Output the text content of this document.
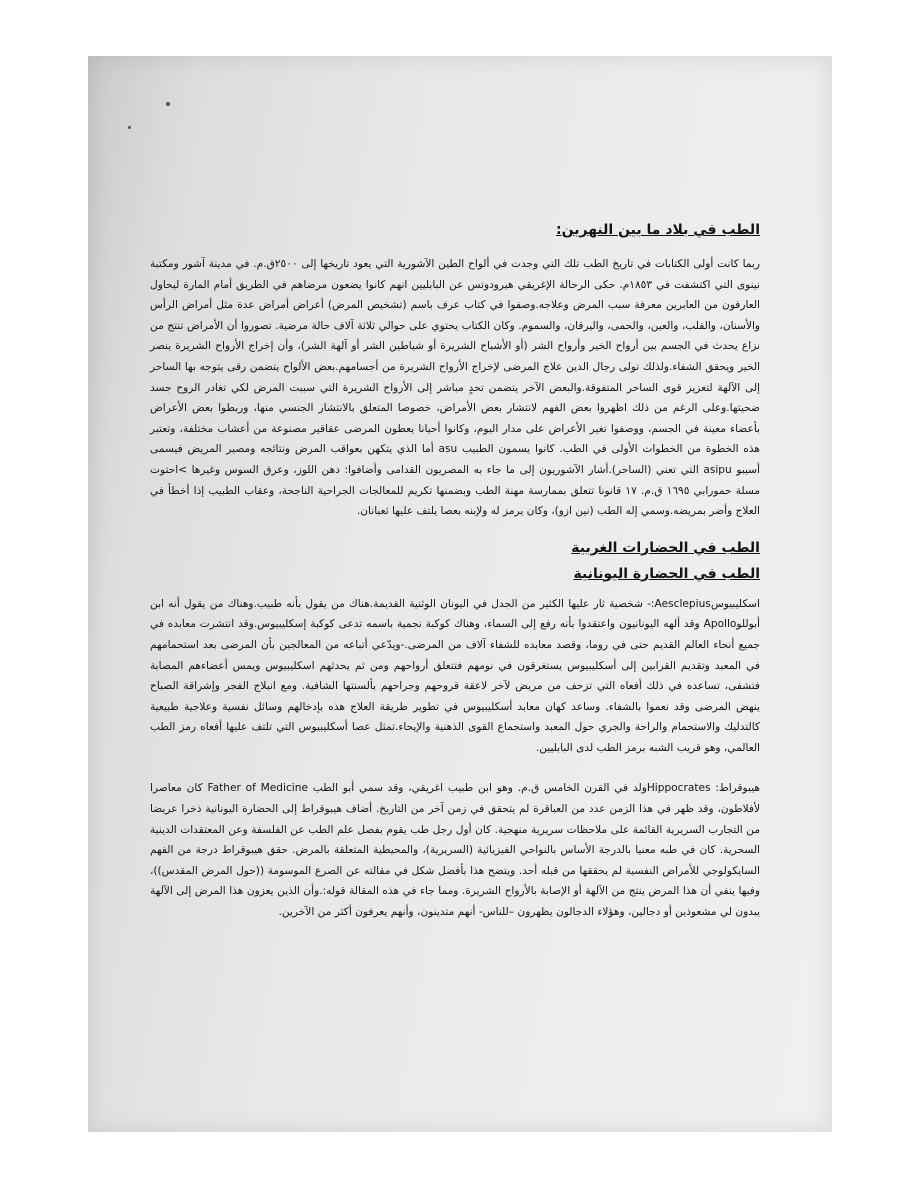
الطب في بلاد ما بين النهرين:

ربما كانت أولى الكتابات في تاريخ الطب تلك التي وجدت في ألواح الطين الآشورية التي يعود تاريخها إلى ٢٥٠٠ق.م. في مدينة آشور ومكتبة نينوى التي اكتشفت في ١٨٥٣م. حكى الرحالة الإغريقي هيرودوتس عن البابليين انهم كانوا يضعون مرضاهم في الطريق أمام المارة ليحاول العارفون من العابرين معرفة سبب المرض وعلاجه.وصفوا في كتاب عرف باسم (تشخيص المرض) أعراض أمراض عدة مثل أمراض الرأس والأسنان، والقلب، والعين، والحمى، واليرقان، والسموم. وكان الكتاب يحتوي على حوالي ثلاثة آلاف حالة مرضية. تصوروا أن الأمراض تنتج من نزاع يحدث في الجسم بين أرواح الخير وأرواح الشر (أو الأشباح الشريرة أو شياطين الشر أو آلهة الشر)، وأن إخراج الأرواح الشريرة ينصر الخير ويحقق الشفاء.ولذلك تولى رجال الدين علاج المرضى لإخراج الأرواح الشريرة من أجسامهم.بعض الألواح يتضمن رقى يتوجه بها الساحر إلى الآلهة لتعزيز قوى الساحر المتفوقة.والبعض الآخر يتضمن تحدٍ مباشر إلى الأرواح الشريرة التي سببت المرض لكي تغادر الروح جسد ضحيتها.وعلى الرغم من ذلك اظهروا بعض الفهم لانتشار بعض الأمراض، خصوصا المتعلق بالانتشار الجنسي منها، وربطوا بعض الأعراض بأعضاء معينة في الجسم، ووصفوا تغير الأعراض على مدار اليوم، وكانوا أحيانا يعطون المرضى عقاقير مصنوعة من أعشاب مختلفة، وتعتبر هذه الخطوة من الخطوات الأولى في الطب. كانوا يسمون الطبيب asu أما الذي يتكهن بعواقب المرض ونتائجه ومصير المريض فيسمى أسيبو asipu التي تعني (الساحر).أشار الآشوريون إلى ما جاء به المصريون القدامى وأضافوا: دهن اللوز، وعرق السوس وغيرها >احتوت مسلة حمورابي ١٦٩٥ ق.م. ١٧ قانونا تتعلق بممارسة مهنة الطب وبضمنها تكريم للمعالجات الجراحية الناجحة، وعقاب الطبيب إذا أخطأ في العلاج وأضر بمريضه.وسمي إله الطب (نين ازو)، وكان يرمز له ولإبنه بعصا يلتف عليها ثعبانان.

الطب في الحضارات الغربية
الطب في الحضارة اليونانية

اسكليبيوسAesclepius:- شخصية ثار عليها الكثير من الجدل في اليونان الوثنية القديمة.هناك من يقول بأنه طبيب.وهناك من يقول أنه ابن أبوللوApollo وقد ألهه اليونانيون واعتقدوا بأنه رفع إلى السماء، وهناك كوكبة نجمية باسمه تدعى كوكبة إسكليبيوس.وقد انتشرت معابده في جميع أنحاء العالم القديم حتى في روما، وقصد معابده للشفاء آلاف من المرضى.-ويدّعي أتباعه من المعالجين بأن المرضى بعد استحمامهم في المعبد وتقديم القرابين إلى أسكليبيوس يستغرقون في نومهم فتتعلق أرواحهم ومن ثم يحدثهم اسكليبيوس ويمس أعضاءهم المصابة فتشفى، تساعده في ذلك أفعاه التي تزحف من مريض لآخر لاعقة قروحهم وجراحهم بألسنتها الشافية. ومع انبلاج الفجر وإشراقة الصباح ينهض المرضى وقد نعموا بالشفاء. وساعد كهان معابد أسكليبيوس في تطوير طريقة العلاج هذه بإدخالهم وسائل نفسية وعلاجية طبيعية كالتدليك والاستحمام والراحة والجري حول المعبد واستجماع القوى الذهنية والإيحاء.تمثل عصا أسكليبيوس التي تلتف عليها أفعاه رمز الطب العالمي، وهو قريب الشبه برمز الطب لدى البابليين.

هيبوقراط: Hippocratesولد في القرن الخامس ق.م. وهو ابن طبيب اغريقي، وقد سمي أبو الطب Father of Medicine كان معاصرا لأفلاطون، وقد ظهر في هذا الزمن عدد من العباقرة لم يتحقق في زمن آخر من التاريخ. أضاف هيبوقراط إلى الحضارة اليونانية ذخرا عريضا من التجارب السريرية القائمة على ملاحظات سريرية منهجية. كان أول رجل طب يقوم بفصل علم الطب عن الفلسفة وعن المعتقدات الدينية السحرية. كان في طبه معنيا بالدرجة الأساس بالنواحي الفيزيائية (السريرية)، والمحيطية المتعلقة بالمرض. حقق هيبوقراط درجة من الفهم السايكولوجي للأمراض النفسية لم يحققها من قبله أحد. ويتضح هذا بأفضل شكل في مقالته عن الصرع الموسومة ((حول المرض المقدس))، وفيها ينفي أن هذا المرض ينتج من الآلهة أو الإصابة بالأرواح الشريرة. ومما جاء في هذه المقالة قوله:.وأن الذين يعزون هذا المرض إلى الآلهة يبدون لي مشعوذين أو دجالين، وهؤلاء الدجالون يظهرون –للناس- أنهم متدينون، وأنهم يعرفون أكثر من الآخرين.
